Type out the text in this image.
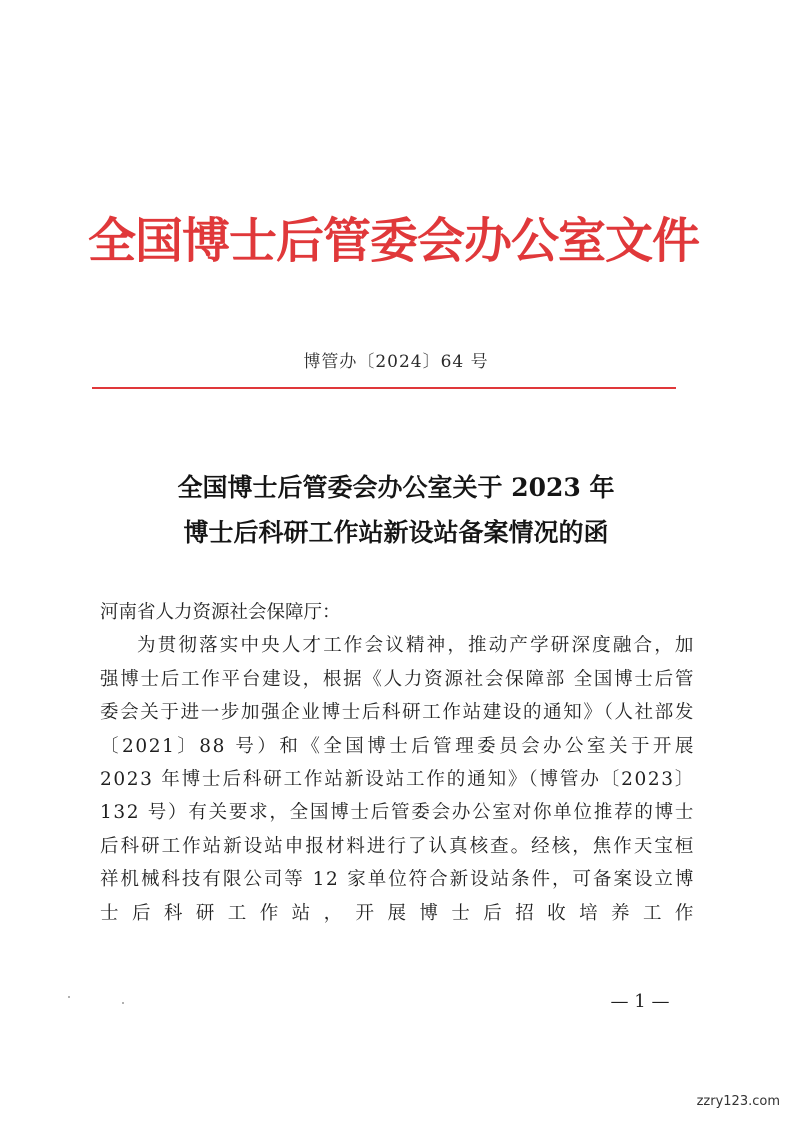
全国博士后管委会办公室文件
博管办〔2024〕64 号
全国博士后管委会办公室关于 2023 年
博士后科研工作站新设站备案情况的函

河南省人力资源社会保障厅：

为贯彻落实中央人才工作会议精神，推动产学研深度融合，加强博士后工作平台建设，根据《人力资源社会保障部 全国博士后管委会关于进一步加强企业博士后科研工作站建设的通知》（人社部发〔2021〕88 号）和《全国博士后管理委员会办公室关于开展 2023 年博士后科研工作站新设站工作的通知》（博管办〔2023〕132 号）有关要求，全国博士后管委会办公室对你单位推荐的博士后科研工作站新设站申报材料进行了认真核查。经核，焦作天宝桓祥机械科技有限公司等 12 家单位符合新设站条件，可备案设立博士后科研工作站，开展博士后招收培养工作

— 1 —
zzry123.com
